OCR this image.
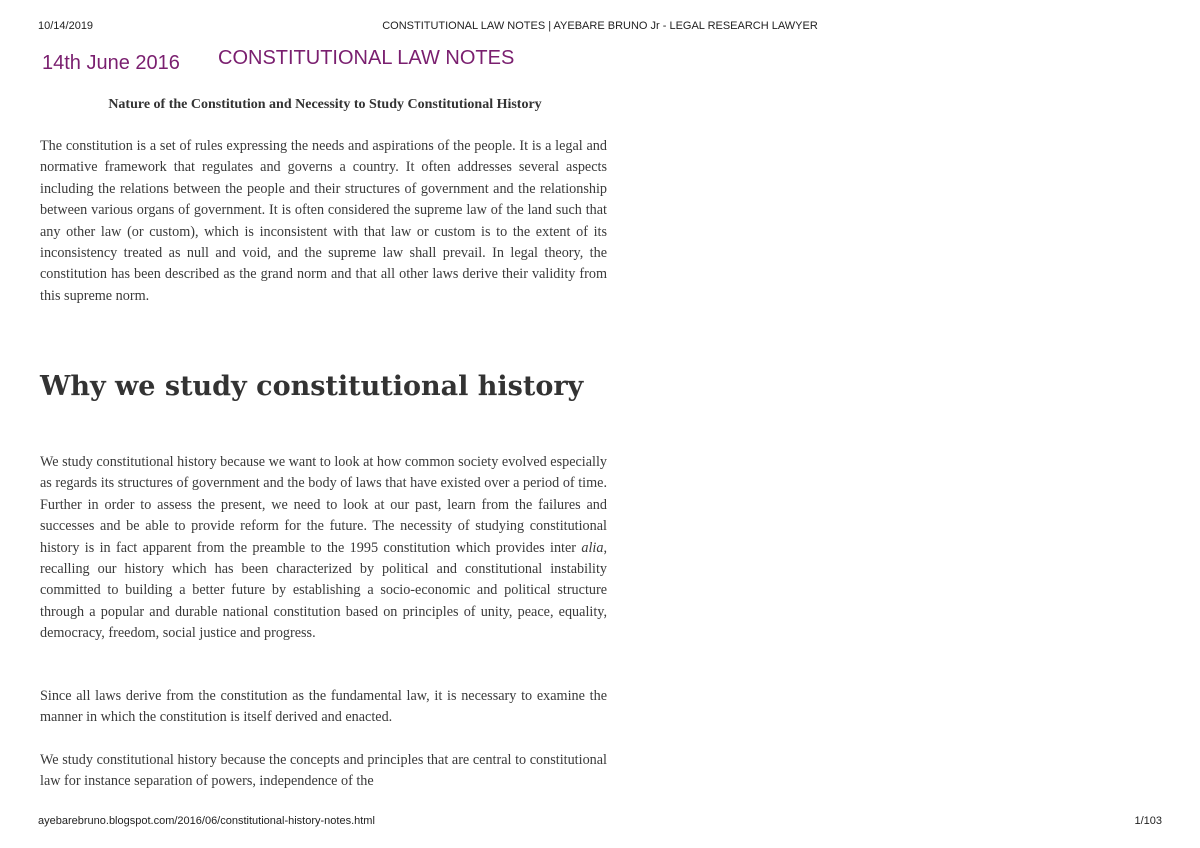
10/14/2019	CONSTITUTIONAL LAW NOTES | AYEBARE BRUNO Jr - LEGAL RESEARCH LAWYER
14th June 2016 CONSTITUTIONAL LAW NOTES
Nature of the Constitution and Necessity to Study Constitutional History

The constitution is a set of rules expressing the needs and aspirations of the people. It is a legal and normative framework that regulates and governs a country. It often addresses several aspects including the relations between the people and their structures of government and the relationship between various organs of government. It is often considered the supreme law of the land such that any other law (or custom), which is inconsistent with that law or custom is to the extent of its inconsistency treated as null and void, and the supreme law shall prevail. In legal theory, the constitution has been described as the grand norm and that all other laws derive their validity from this supreme norm.

Why we study constitutional history

We study constitutional history because we want to look at how common society evolved especially as regards its structures of government and the body of laws that have existed over a period of time. Further in order to assess the present, we need to look at our past, learn from the failures and successes and be able to provide reform for the future. The necessity of studying constitutional history is in fact apparent from the preamble to the 1995 constitution which provides inter alia, recalling our history which has been characterized by political and constitutional instability committed to building a better future by establishing a socio-economic and political structure through a popular and durable national constitution based on principles of unity, peace, equality, democracy, freedom, social justice and progress.

Since all laws derive from the constitution as the fundamental law, it is necessary to examine the manner in which the constitution is itself derived and enacted.

We study constitutional history because the concepts and principles that are central to constitutional law for instance separation of powers, independence of the

ayebarebruno.blogspot.com/2016/06/constitutional-history-notes.html	1/103
